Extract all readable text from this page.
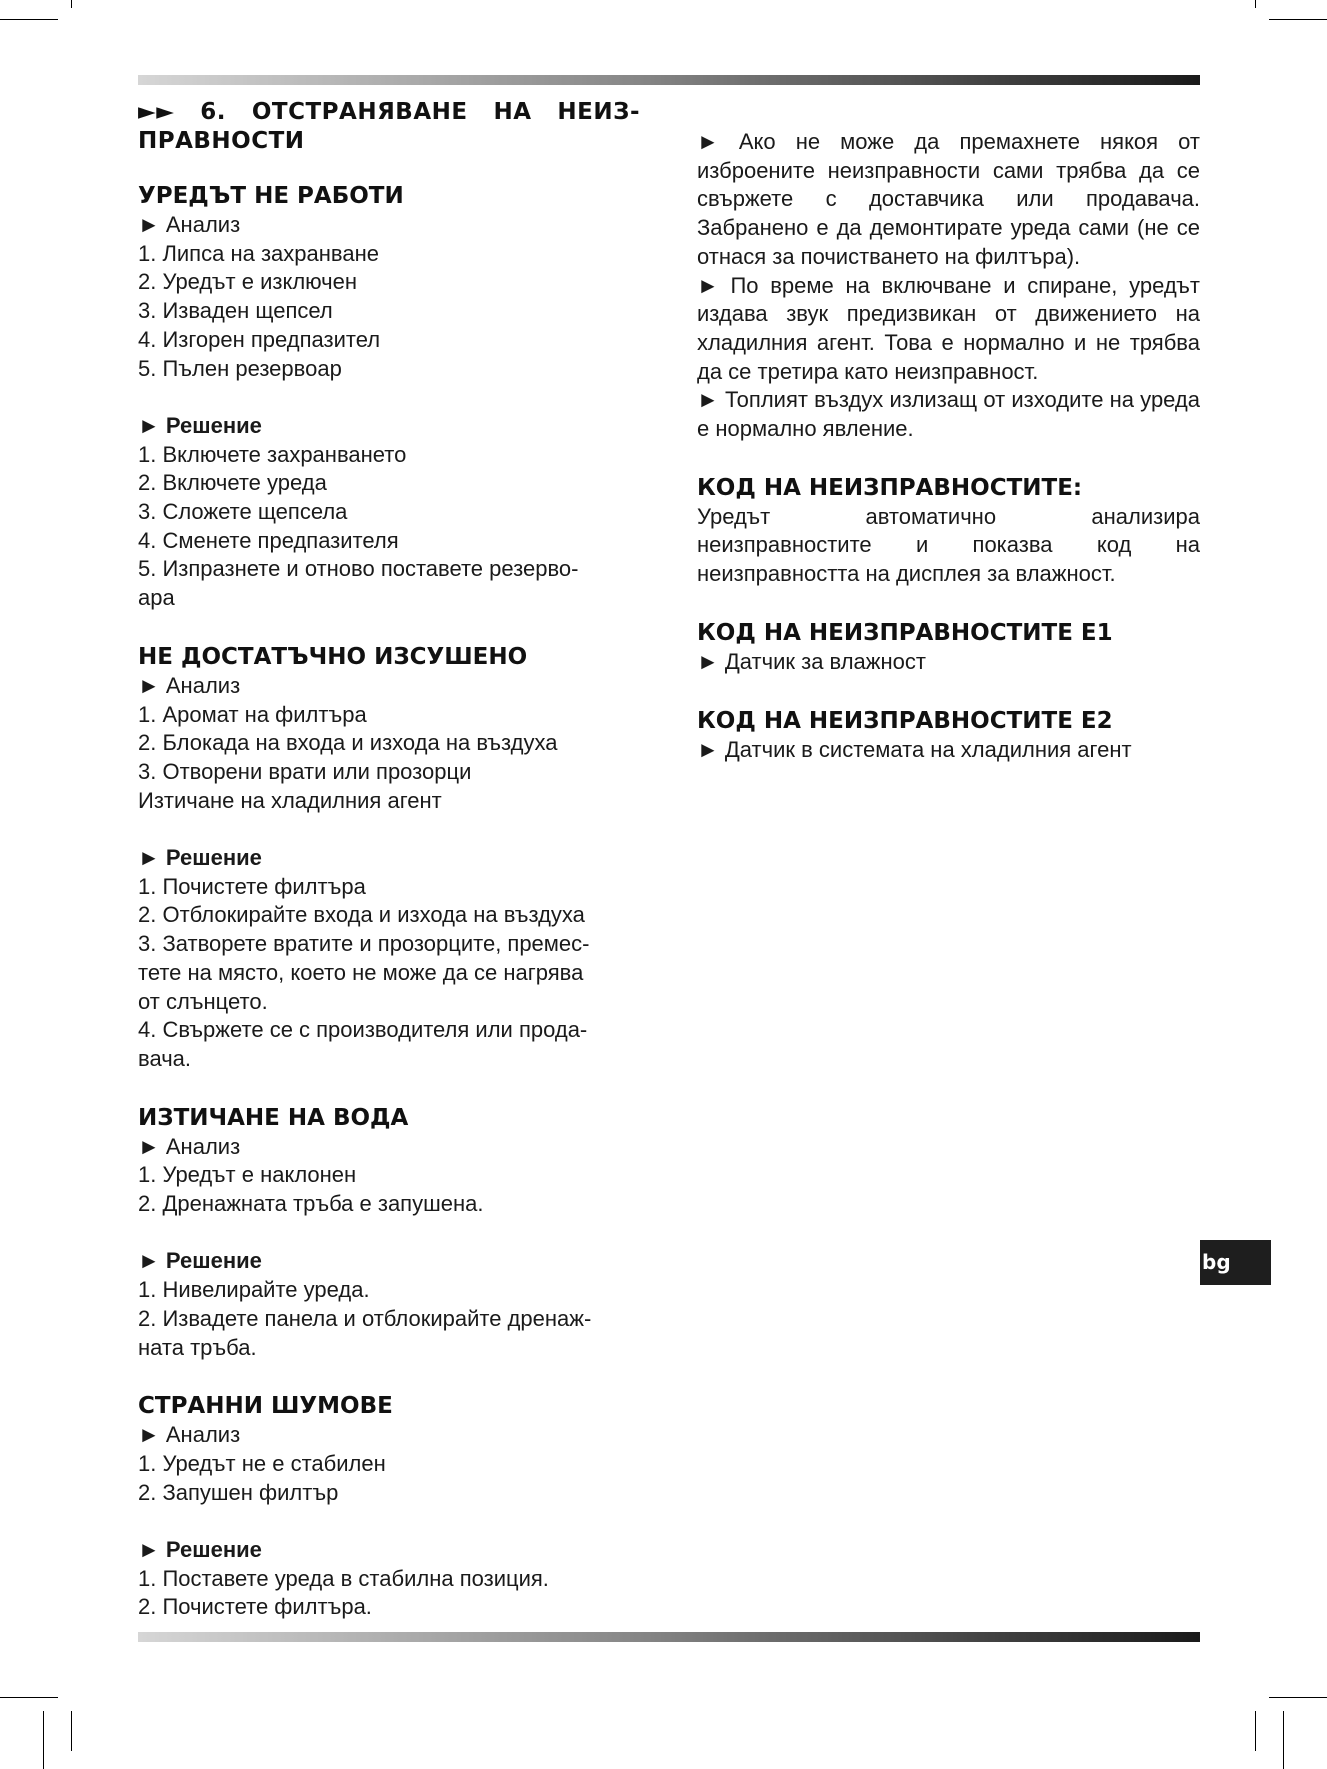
►► 6. ОТСТРАНЯВАНЕ НА НЕИЗ-ПРАВНОСТИ
УРЕДЪТ НЕ РАБОТИ

► Анализ

1. Липса на захранване

2. Уредът е изключен

3. Изваден щепсел

4. Изгорен предпазител

5. Пълен резервоар

► Решение

1. Включете захранването

2. Включете уреда

3. Сложете щепсела

4. Сменете предпазителя

5. Изпразнете и отново поставете резерво-

ара

НЕ ДОСТАТЪЧНО ИЗСУШЕНО

► Анализ

1. Аромат на филтъра

2. Блокада на входа и изхода на въздуха

3. Отворени врати или прозорци

Изтичане на хладилния агент

► Решение

1. Почистете филтъра

2. Отблокирайте входа и изхода на въздуха

3. Затворете вратите и прозорците, премес-

тете на място, което не може да се нагрява

от слънцето.

4. Свържете се с производителя или прода-

вача.

ИЗТИЧАНЕ НА ВОДА

► Анализ

1. Уредът е наклонен

2. Дренажната тръба е запушена.

► Решение

1. Нивелирайте уреда.

2. Извадете панела и отблокирайте дренаж-

ната тръба.

СТРАННИ ШУМОВЕ

► Анализ

1. Уредът не е стабилен

2. Запушен филтър

► Решение

1. Поставете уреда в стабилна позиция.

2. Почистете филтъра.

► Ако не може да премахнете някоя от изброените неизправности сами трябва да се свържете с доставчика или продавача. Забранено е да демонтирате уреда сами (не се отнася за почистването на филтъра).

► По време на включване и спиране, уредът издава звук предизвикан от движението на хладилния агент. Това е нормално и не трябва да се третира като неизправност.

► Топлият въздух излизащ от изходите на уреда е нормално явление.

КОД НА НЕИЗПРАВНОСТИТЕ:

Уредът автоматично анализира неизправностите и показва код на неизправността на дисплея за влажност.

КОД НА НЕИЗПРАВНОСТИТЕ E1

► Датчик за влажност

КОД НА НЕИЗПРАВНОСТИТЕ E2

► Датчик в системата на хладилния агент

bg
